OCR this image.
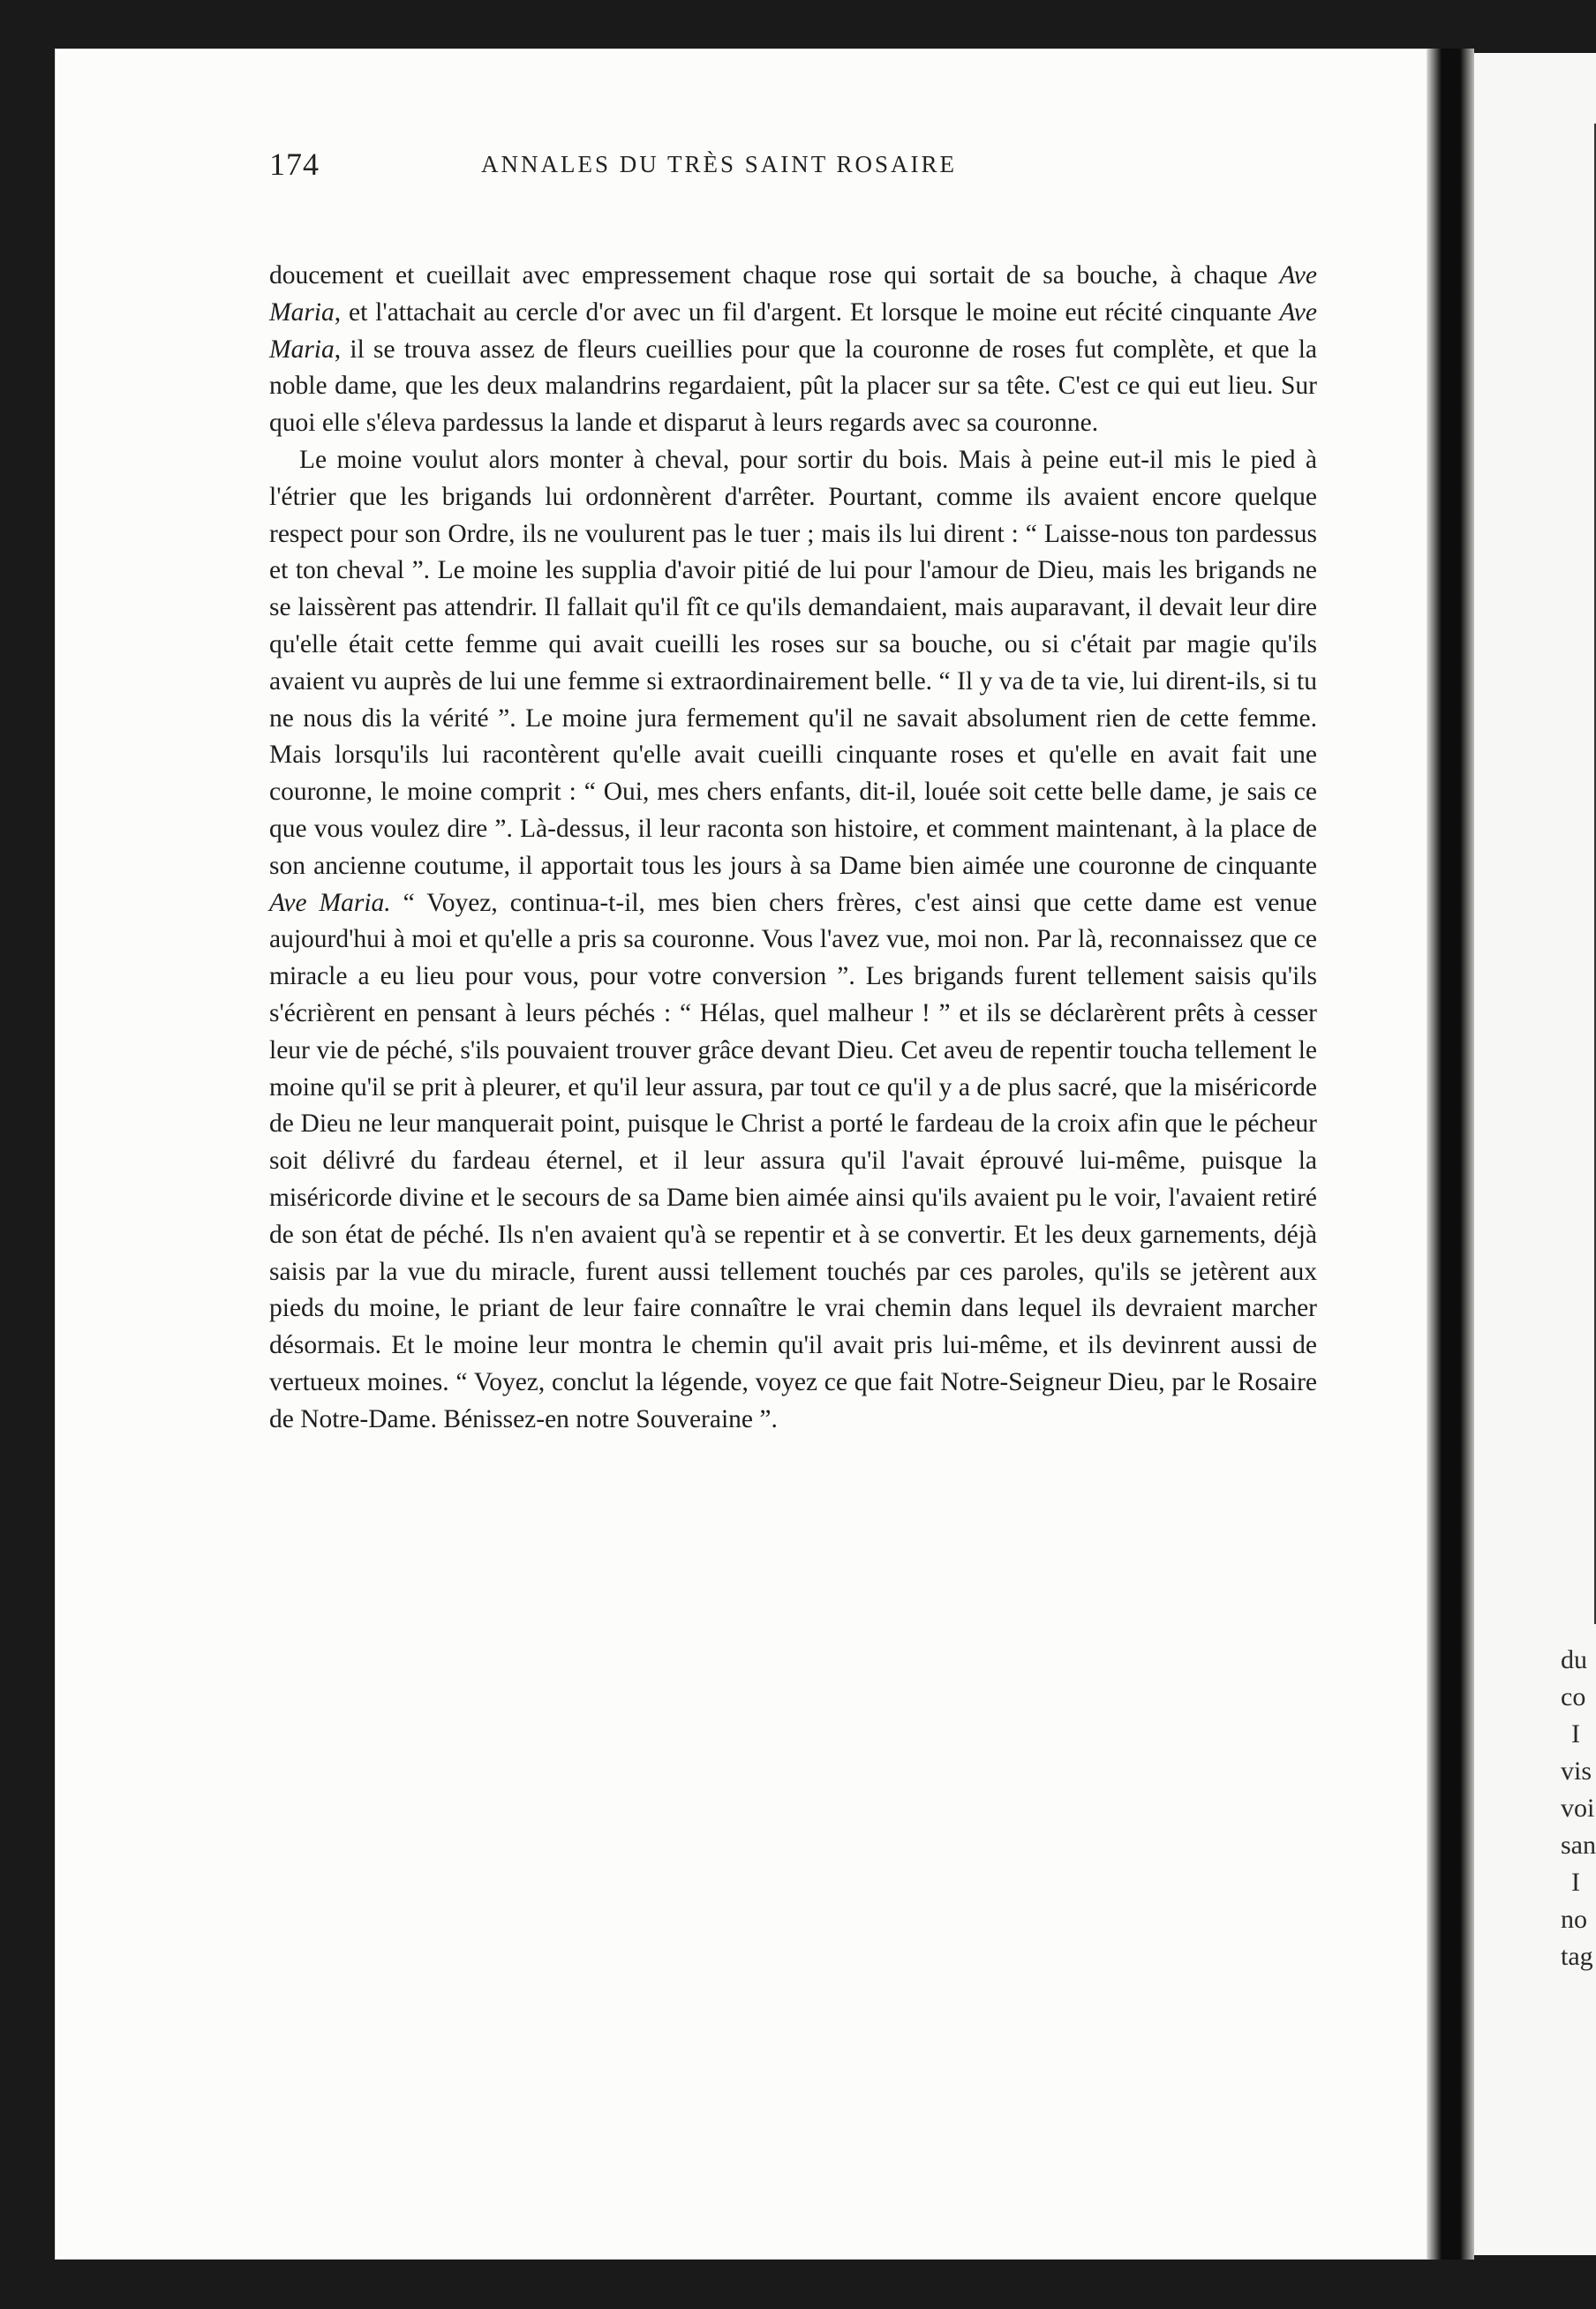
du
co
I
vis
voi
san
I
no
tag
174	ANNALES DU TRÈS SAINT ROSAIRE

doucement et cueillait avec empressement chaque rose qui sortait de sa bouche, à chaque Ave Maria, et l'attachait au cercle d'or avec un fil d'argent. Et lorsque le moine eut récité cinquante Ave Maria, il se trouva assez de fleurs cueillies pour que la couronne de roses fut complète, et que la noble dame, que les deux malandrins regardaient, pût la placer sur sa tête. C'est ce qui eut lieu. Sur quoi elle s'éleva pardessus la lande et disparut à leurs regards avec sa couronne.

Le moine voulut alors monter à cheval, pour sortir du bois. Mais à peine eut-il mis le pied à l'étrier que les brigands lui ordonnèrent d'arrêter. Pourtant, comme ils avaient encore quelque respect pour son Ordre, ils ne voulurent pas le tuer ; mais ils lui dirent : “ Laisse-nous ton pardessus et ton cheval ”. Le moine les supplia d'avoir pitié de lui pour l'amour de Dieu, mais les brigands ne se laissèrent pas attendrir. Il fallait qu'il fît ce qu'ils demandaient, mais auparavant, il devait leur dire qu'elle était cette femme qui avait cueilli les roses sur sa bouche, ou si c'était par magie qu'ils avaient vu auprès de lui une femme si extraordinairement belle. “ Il y va de ta vie, lui dirent-ils, si tu ne nous dis la vérité ”. Le moine jura fermement qu'il ne savait absolument rien de cette femme. Mais lorsqu'ils lui racontèrent qu'elle avait cueilli cinquante roses et qu'elle en avait fait une couronne, le moine comprit : “ Oui, mes chers enfants, dit-il, louée soit cette belle dame, je sais ce que vous voulez dire ”. Là-dessus, il leur raconta son histoire, et comment maintenant, à la place de son ancienne coutume, il apportait tous les jours à sa Dame bien aimée une couronne de cinquante Ave Maria. “ Voyez, continua-t-il, mes bien chers frères, c'est ainsi que cette dame est venue aujourd'hui à moi et qu'elle a pris sa couronne. Vous l'avez vue, moi non. Par là, reconnaissez que ce miracle a eu lieu pour vous, pour votre conversion ”. Les brigands furent tellement saisis qu'ils s'écrièrent en pensant à leurs péchés : “ Hélas, quel malheur ! ” et ils se déclarèrent prêts à cesser leur vie de péché, s'ils pouvaient trouver grâce devant Dieu. Cet aveu de repentir toucha tellement le moine qu'il se prit à pleurer, et qu'il leur assura, par tout ce qu'il y a de plus sacré, que la miséricorde de Dieu ne leur manquerait point, puisque le Christ a porté le fardeau de la croix afin que le pécheur soit délivré du fardeau éternel, et il leur assura qu'il l'avait éprouvé lui-même, puisque la miséricorde divine et le secours de sa Dame bien aimée ainsi qu'ils avaient pu le voir, l'avaient retiré de son état de péché. Ils n'en avaient qu'à se repentir et à se convertir. Et les deux garnements, déjà saisis par la vue du miracle, furent aussi tellement touchés par ces paroles, qu'ils se jetèrent aux pieds du moine, le priant de leur faire connaître le vrai chemin dans lequel ils devraient marcher désormais. Et le moine leur montra le chemin qu'il avait pris lui-même, et ils devinrent aussi de vertueux moines. “ Voyez, conclut la légende, voyez ce que fait Notre-Seigneur Dieu, par le Rosaire de Notre-Dame. Bénissez-en notre Souveraine ”.
